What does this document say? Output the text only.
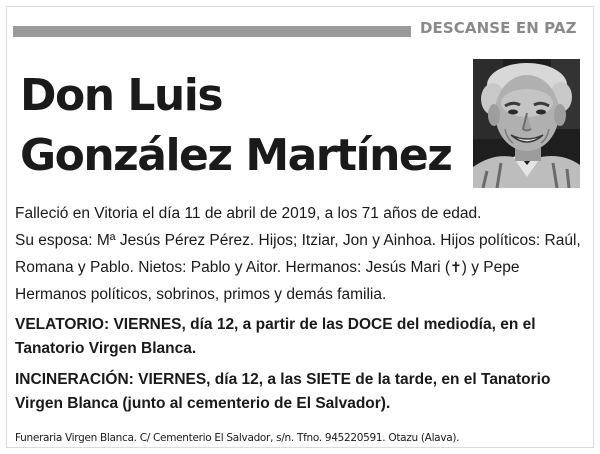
DESCANSE EN PAZ
Don Luis
González Martínez

Falleció en Vitoria el día 11 de abril de 2019, a los 71 años de edad.

Su esposa: Mª Jesús Pérez Pérez. Hijos; Itziar, Jon y Ainhoa. Hijos políticos: Raúl, Romana y Pablo. Nietos: Pablo y Aitor. Hermanos: Jesús Mari (✝) y Pepe Hermanos políticos, sobrinos, primos y demás familia.

VELATORIO: VIERNES, día 12, a partir de las DOCE del mediodía, en el Tanatorio Virgen Blanca.

INCINERACIÓN: VIERNES, día 12, a las SIETE de la tarde, en el Tanatorio Virgen Blanca (junto al cementerio de El Salvador).

Funeraria Virgen Blanca. C/ Cementerio El Salvador, s/n. Tfno. 945220591. Otazu (Alava).
